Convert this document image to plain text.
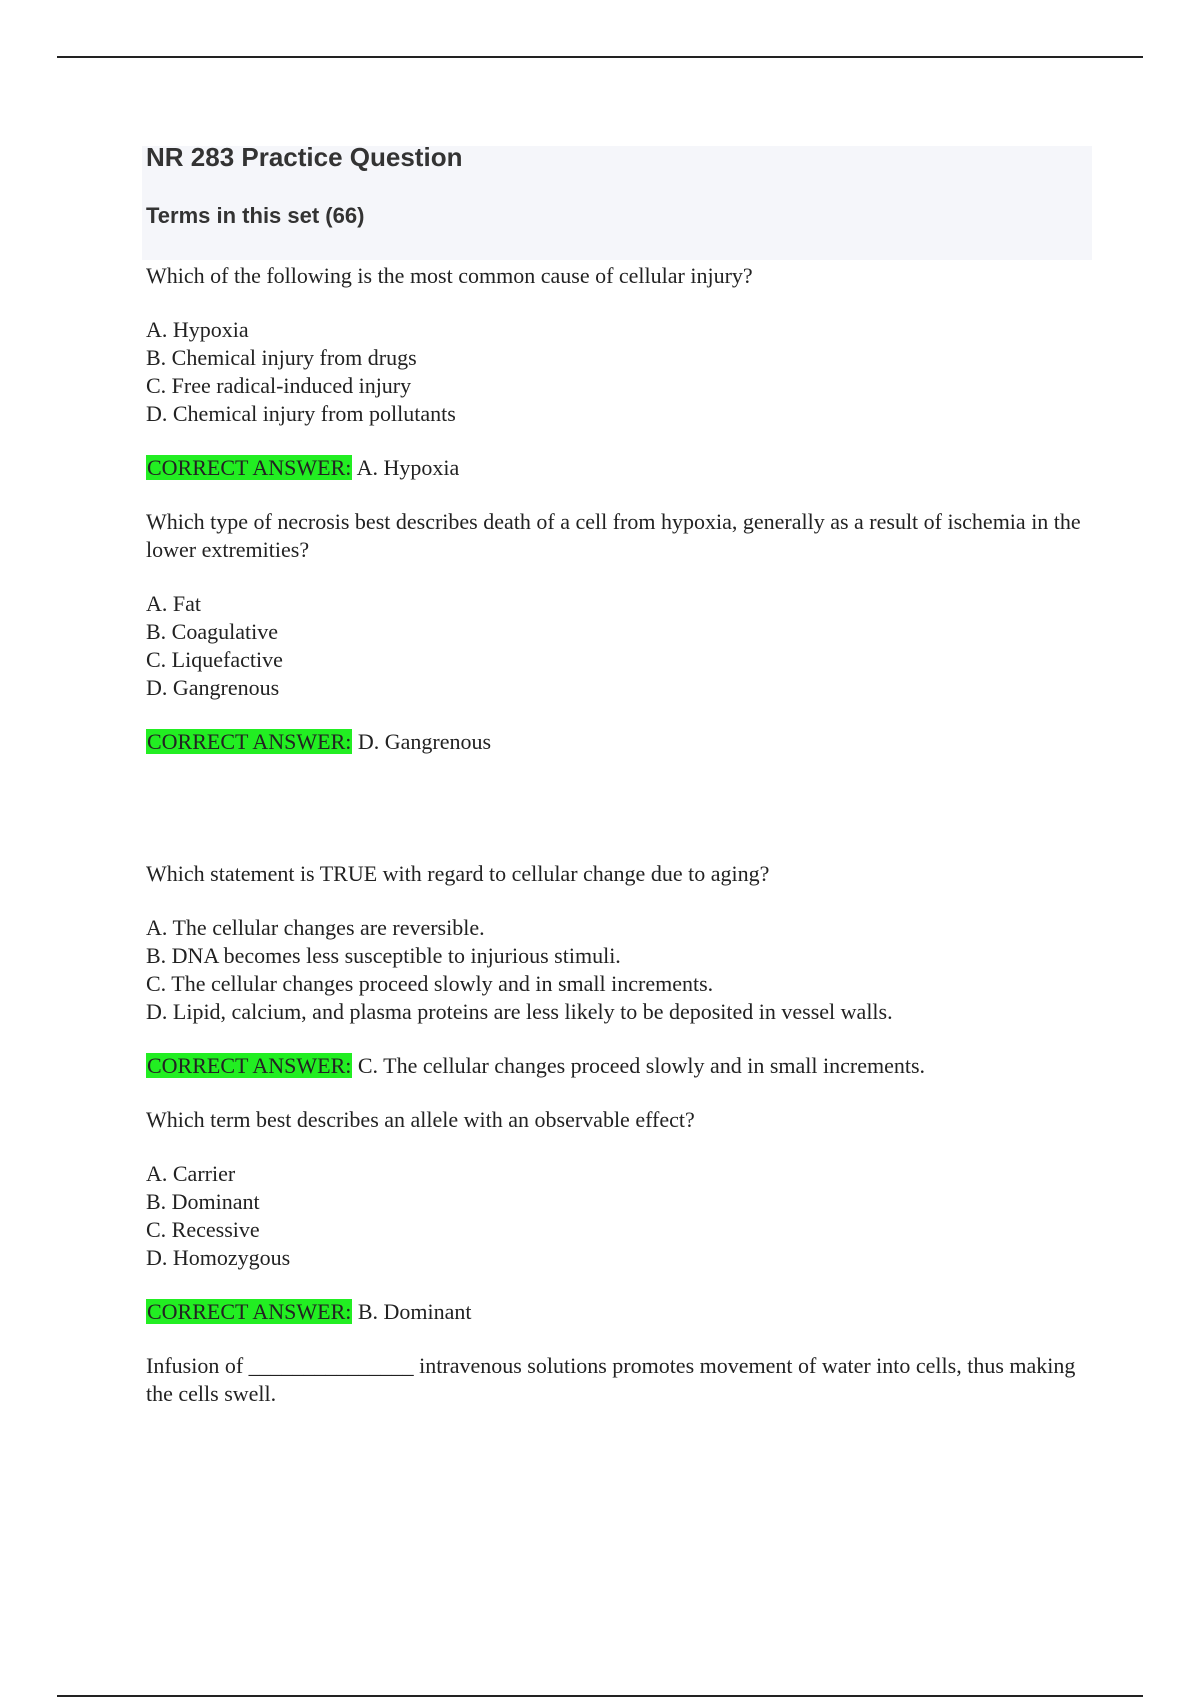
NR 283 Practice Question
Terms in this set (66)

Which of the following is the most common cause of cellular injury?

A. Hypoxia
B. Chemical injury from drugs
C. Free radical-induced injury
D. Chemical injury from pollutants

CORRECT ANSWER: A. Hypoxia

Which type of necrosis best describes death of a cell from hypoxia, generally as a result of ischemia in the lower extremities?

A. Fat
B. Coagulative
C. Liquefactive
D. Gangrenous

CORRECT ANSWER: D. Gangrenous

Which statement is TRUE with regard to cellular change due to aging?

A. The cellular changes are reversible.
B. DNA becomes less susceptible to injurious stimuli.
C. The cellular changes proceed slowly and in small increments.
D. Lipid, calcium, and plasma proteins are less likely to be deposited in vessel walls.

CORRECT ANSWER: C. The cellular changes proceed slowly and in small increments.

Which term best describes an allele with an observable effect?

A. Carrier
B. Dominant
C. Recessive
D. Homozygous

CORRECT ANSWER: B. Dominant

Infusion of _______________ intravenous solutions promotes movement of water into cells, thus making the cells swell.
